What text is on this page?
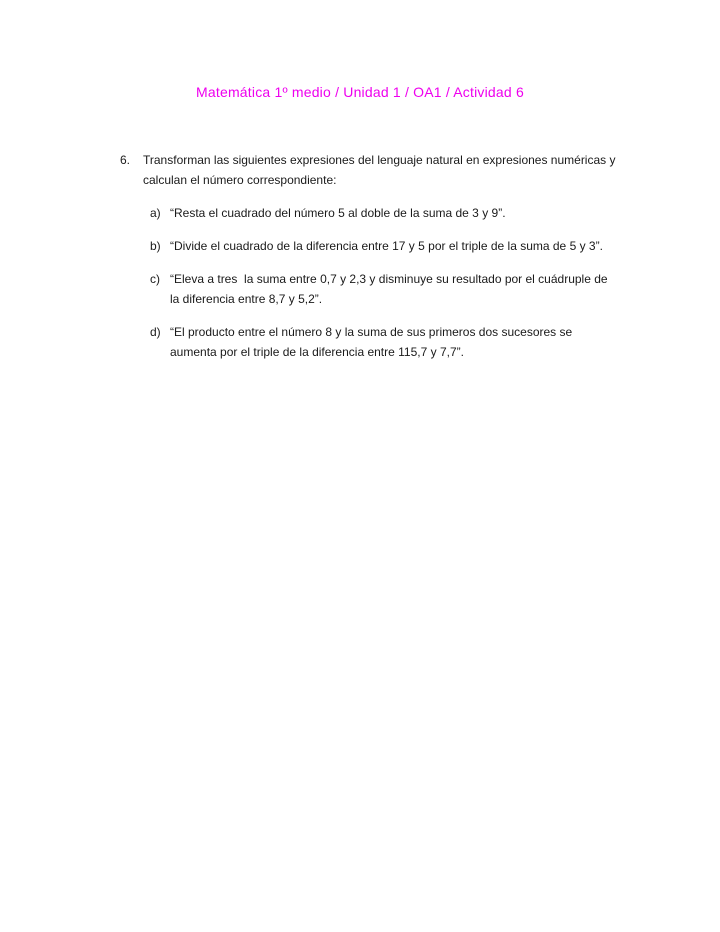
Matemática 1º medio / Unidad 1 / OA1 / Actividad 6
6.	Transforman las siguientes expresiones del lenguaje natural en expresiones numéricas y calculan el número correspondiente:
a) “Resta el cuadrado del número 5 al doble de la suma de 3 y 9”.
b) “Divide el cuadrado de la diferencia entre 17 y 5 por el triple de la suma de 5 y 3”.
c) “Eleva a tres  la suma entre 0,7 y 2,3 y disminuye su resultado por el cuádruple de la diferencia entre 8,7 y 5,2”.
d) “El producto entre el número 8 y la suma de sus primeros dos sucesores se aumenta por el triple de la diferencia entre 115,7 y 7,7”.
